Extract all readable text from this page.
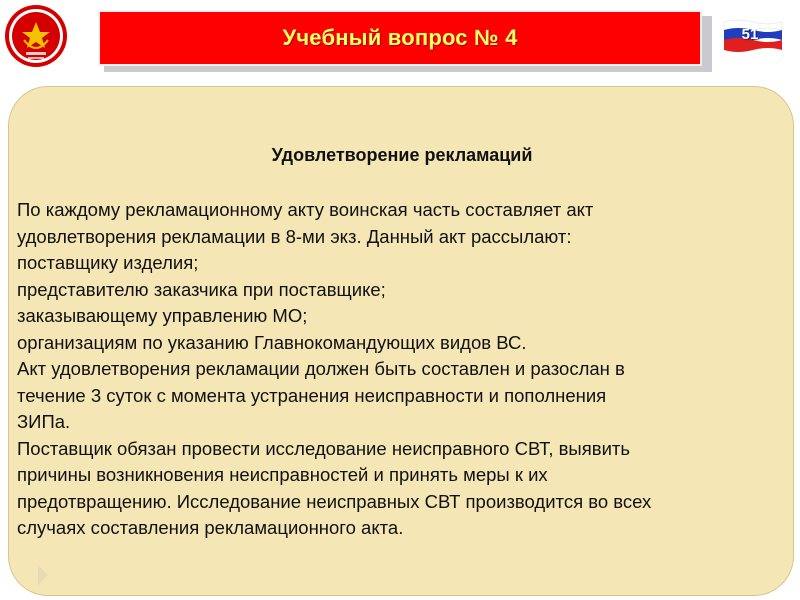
Учебный вопрос № 4	51
Удовлетворение рекламаций
По каждому рекламационному акту воинская часть составляет акт
удовлетворения рекламации в 8-ми экз. Данный акт рассылают:
поставщику изделия;
представителю заказчика при поставщике;
заказывающему управлению МО;
организациям по указанию Главнокомандующих видов ВС.
Акт удовлетворения рекламации должен быть составлен и разослан в
течение 3 суток с момента устранения неисправности и пополнения
ЗИПа.
Поставщик обязан провести исследование неисправного СВТ, выявить
причины возникновения неисправностей и принять меры к их
предотвращению. Исследование неисправных СВТ производится во всех
случаях составления рекламационного акта.
